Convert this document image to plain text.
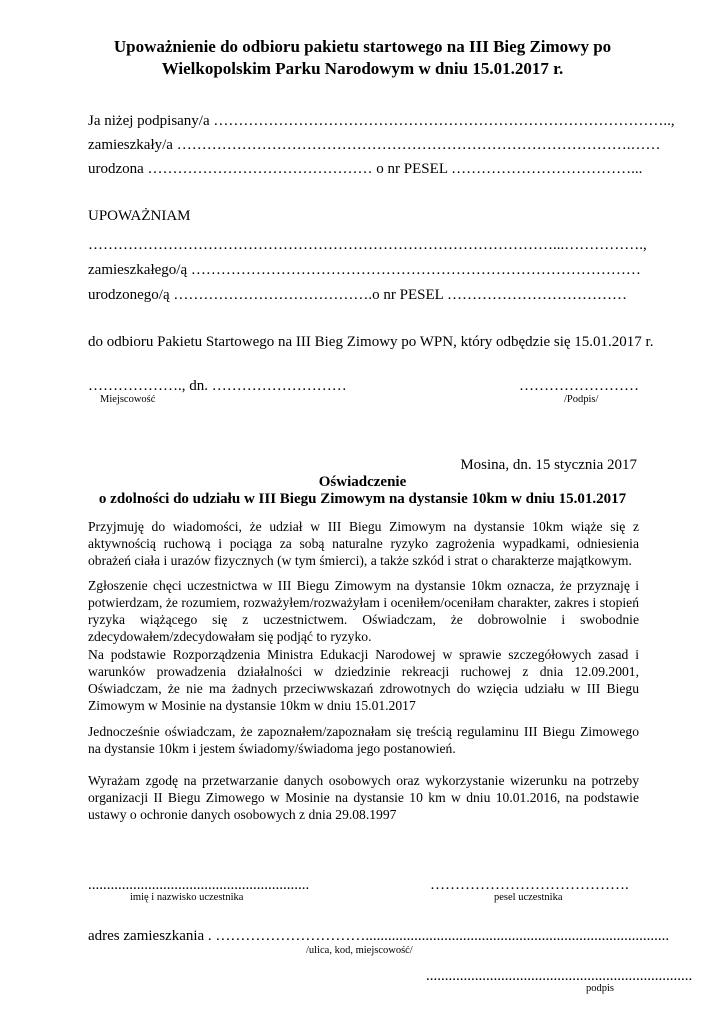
Upoważnienie do odbioru pakietu startowego na III Bieg Zimowy po
Wielkopolskim Parku Narodowym w dniu 15.01.2017 r.
Ja niżej podpisany/a ………………………………………………………………………………..,
zamieszkały/a ……………………………………………………………………………….……
urodzona ……………………………………… o nr PESEL ………………………………...
UPOWAŻNIAM
…………………………………………………………………………………...…………….,
zamieszkałego/ą ………………………………………………………………………………
urodzonego/ą ………………………………….o nr PESEL ………………………………
do odbioru Pakietu Startowego na III Bieg Zimowy po WPN, który odbędzie się 15.01.2017 r.
………………., dn. ………………………	……………………
Miejscowość	/Podpis/
Mosina, dn. 15 stycznia 2017
Oświadczenie
o zdolności do udziału w III Biegu Zimowym na dystansie 10km w dniu 15.01.2017
Przyjmuję do wiadomości, że udział w III Biegu Zimowym na dystansie 10km wiąże się z aktywnością ruchową i pociąga za sobą naturalne ryzyko zagrożenia wypadkami, odniesienia obrażeń ciała i urazów fizycznych (w tym śmierci), a także szkód i strat o charakterze majątkowym.
Zgłoszenie chęci uczestnictwa w III Biegu Zimowym na dystansie 10km oznacza, że przyznaję i potwierdzam, że rozumiem, rozważyłem/rozważyłam i oceniłem/oceniłam charakter, zakres i stopień ryzyka wiążącego się z uczestnictwem. Oświadczam, że dobrowolnie i swobodnie zdecydowałem/zdecydowałam się podjąć to ryzyko.
Na podstawie Rozporządzenia Ministra Edukacji Narodowej w sprawie szczegółowych zasad i warunków prowadzenia działalności w dziedzinie rekreacji ruchowej z dnia 12.09.2001, Oświadczam, że nie ma żadnych przeciwwskazań zdrowotnych do wzięcia udziału w III Biegu Zimowym w Mosinie na dystansie 10km w dniu 15.01.2017
Jednocześnie oświadczam, że zapoznałem/zapoznałam się treścią regulaminu III Biegu Zimowego na dystansie 10km i jestem świadomy/świadoma jego postanowień.
Wyrażam zgodę na przetwarzanie danych osobowych oraz wykorzystanie wizerunku na potrzeby organizacji II Biegu Zimowego w Mosinie na dystansie 10 km w dniu 10.01.2016, na podstawie ustawy o ochronie danych osobowych z dnia 29.08.1997
...........................................................
imię i nazwisko uczestnika
………………………………….
pesel uczestnika
adres zamieszkania . ………………………….................................................................................
/ulica, kod, miejscowość/
.......................................................................
podpis
